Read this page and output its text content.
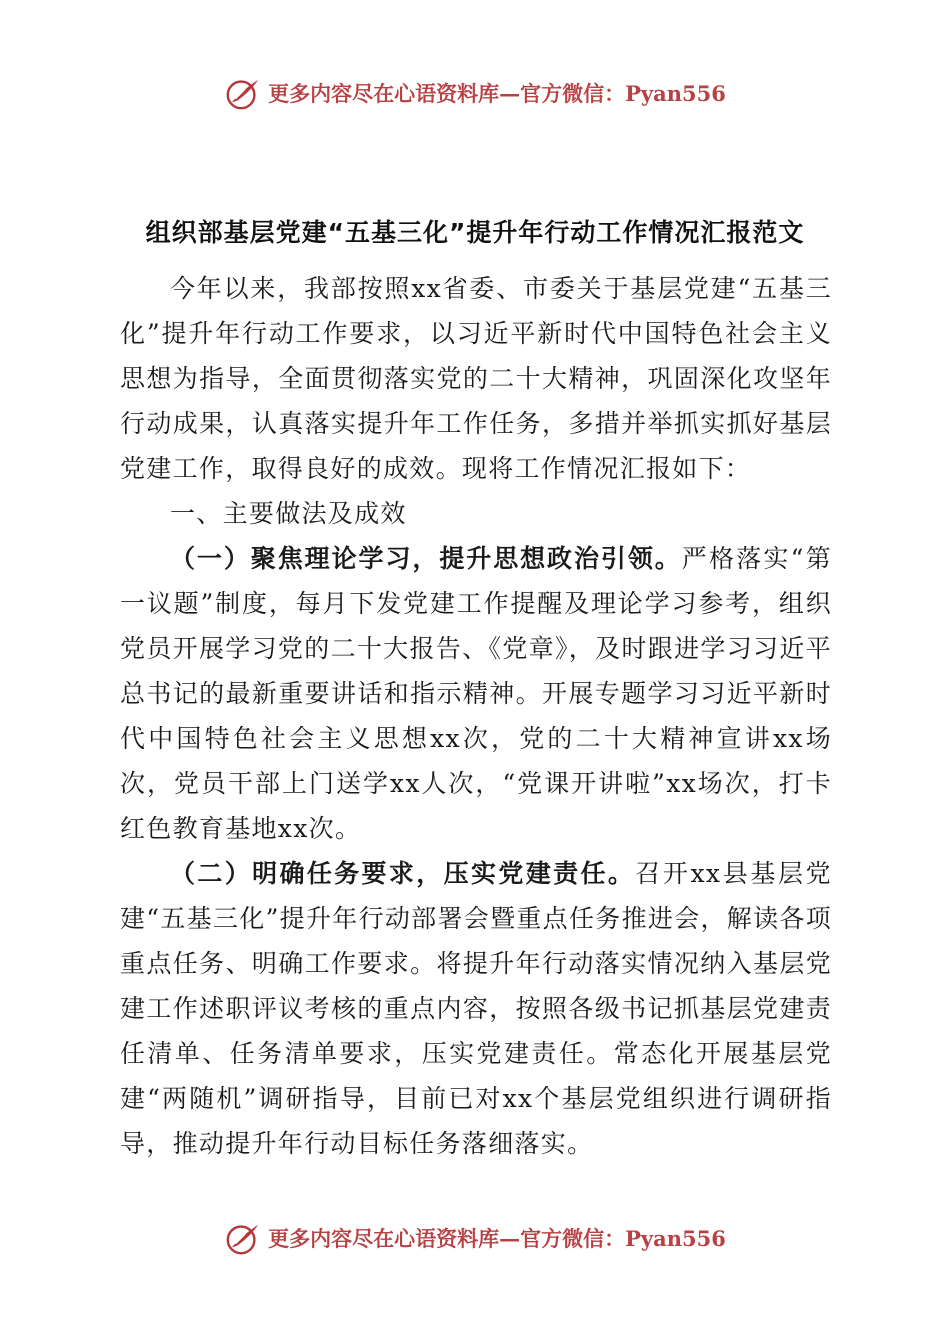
更多内容尽在心语资料库—官方微信：Pyan556
组织部基层党建“五基三化”提升年行动工作情况汇报范文

今年以来，我部按照xx省委、市委关于基层党建“五基三化”提升年行动工作要求，以习近平新时代中国特色社会主义思想为指导，全面贯彻落实党的二十大精神，巩固深化攻坚年行动成果，认真落实提升年工作任务，多措并举抓实抓好基层党建工作，取得良好的成效。现将工作情况汇报如下：

一、主要做法及成效

（一）聚焦理论学习，提升思想政治引领。严格落实“第一议题”制度，每月下发党建工作提醒及理论学习参考，组织党员开展学习党的二十大报告、《党章》，及时跟进学习习近平总书记的最新重要讲话和指示精神。开展专题学习习近平新时代中国特色社会主义思想xx次，党的二十大精神宣讲xx场次，党员干部上门送学xx人次，“党课开讲啦”xx场次，打卡红色教育基地xx次。

（二）明确任务要求，压实党建责任。召开xx县基层党建“五基三化”提升年行动部署会暨重点任务推进会，解读各项重点任务、明确工作要求。将提升年行动落实情况纳入基层党建工作述职评议考核的重点内容，按照各级书记抓基层党建责任清单、任务清单要求，压实党建责任。常态化开展基层党建“两随机”调研指导，目前已对xx个基层党组织进行调研指导，推动提升年行动目标任务落细落实。

更多内容尽在心语资料库—官方微信：Pyan556
